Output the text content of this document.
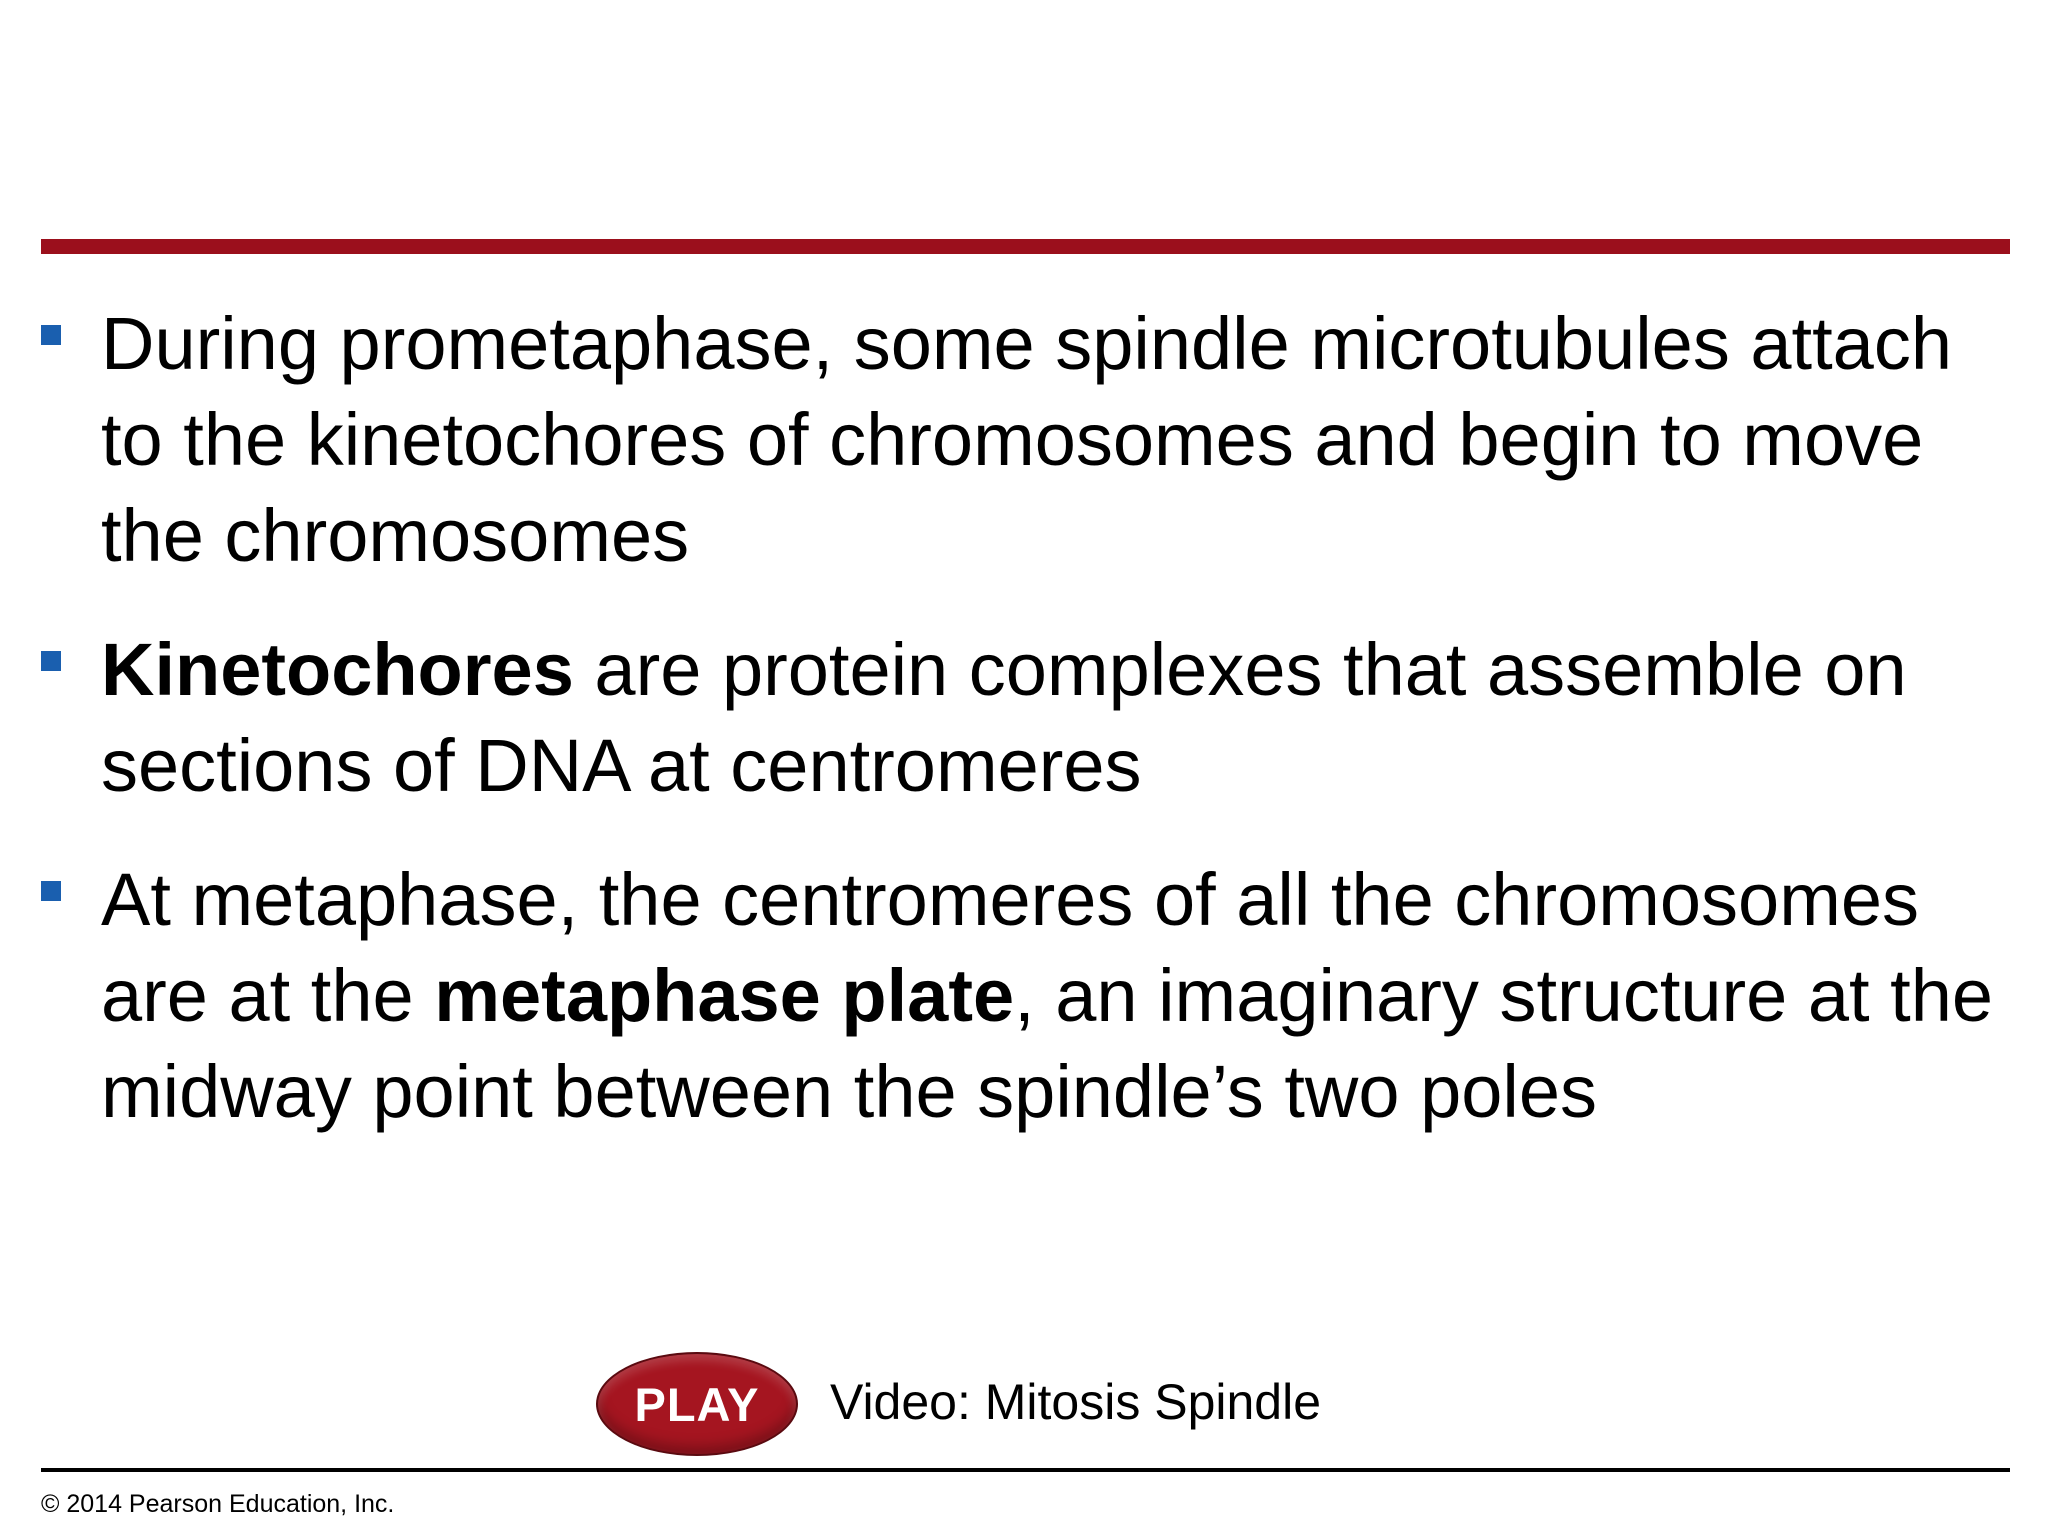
During prometaphase, some spindle microtubules attach to the kinetochores of chromosomes and begin to move the chromosomes
Kinetochores are protein complexes that assemble on sections of DNA at centromeres
At metaphase, the centromeres of all the chromosomes are at the metaphase plate, an imaginary structure at the midway point between the spindle’s two poles
PLAY Video: Mitosis Spindle
© 2014 Pearson Education, Inc.
